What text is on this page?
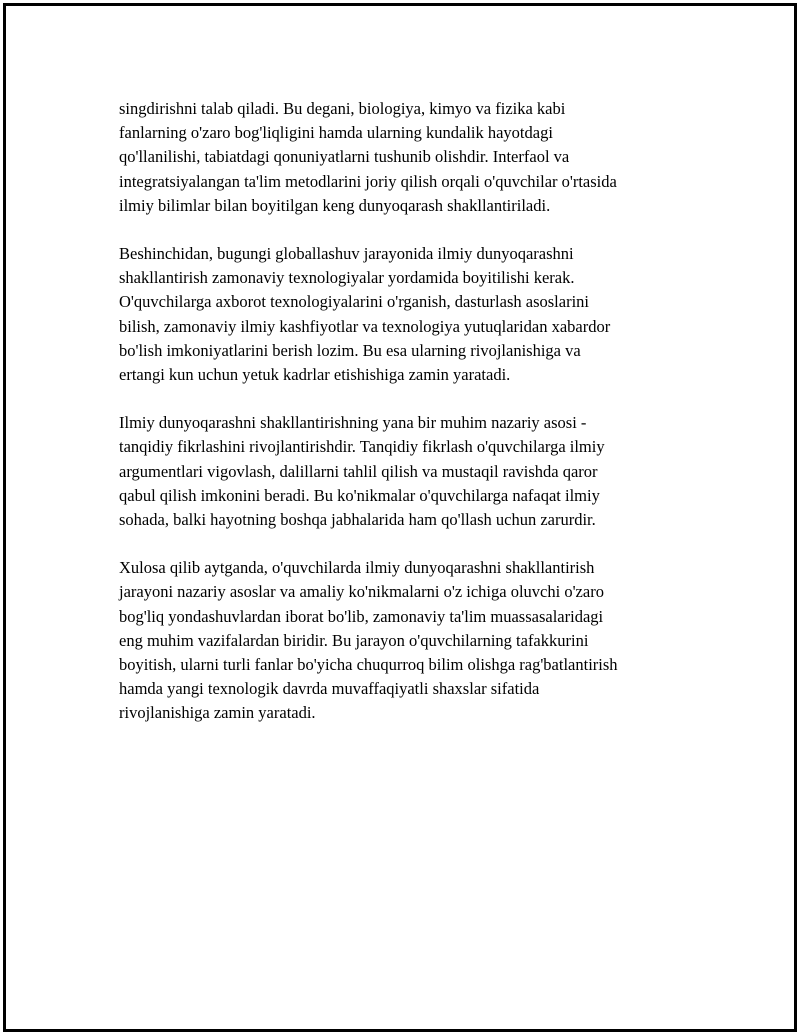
singdirishni talab qiladi. Bu degani, biologiya, kimyo va fizika kabi
fanlarning o'zaro bog'liqligini hamda ularning kundalik hayotdagi
qo'llanilishi, tabiatdagi qonuniyatlarni tushunib olishdir. Interfaol va
integratsiyalangan ta'lim metodlarini joriy qilish orqali o'quvchilar o'rtasida
ilmiy bilimlar bilan boyitilgan keng dunyoqarash shakllantiriladi.

Beshinchidan, bugungi globallashuv jarayonida ilmiy dunyoqarashni
shakllantirish zamonaviy texnologiyalar yordamida boyitilishi kerak.
O'quvchilarga axborot texnologiyalarini o'rganish, dasturlash asoslarini
bilish, zamonaviy ilmiy kashfiyotlar va texnologiya yutuqlaridan xabardor
bo'lish imkoniyatlarini berish lozim. Bu esa ularning rivojlanishiga va
ertangi kun uchun yetuk kadrlar etishishiga zamin yaratadi.

Ilmiy dunyoqarashni shakllantirishning yana bir muhim nazariy asosi -
tanqidiy fikrlashini rivojlantirishdir. Tanqidiy fikrlash o'quvchilarga ilmiy
argumentlari vigovlash, dalillarni tahlil qilish va mustaqil ravishda qaror
qabul qilish imkonini beradi. Bu ko'nikmalar o'quvchilarga nafaqat ilmiy
sohada, balki hayotning boshqa jabhalarida ham qo'llash uchun zarurdir.

Xulosa qilib aytganda, o'quvchilarda ilmiy dunyoqarashni shakllantirish
jarayoni nazariy asoslar va amaliy ko'nikmalarni o'z ichiga oluvchi o'zaro
bog'liq yondashuvlardan iborat bo'lib, zamonaviy ta'lim muassasalaridagi
eng muhim vazifalardan biridir. Bu jarayon o'quvchilarning tafakkurini
boyitish, ularni turli fanlar bo'yicha chuqurroq bilim olishga rag'batlantirish
hamda yangi texnologik davrda muvaffaqiyatli shaxslar sifatida
rivojlanishiga zamin yaratadi.
